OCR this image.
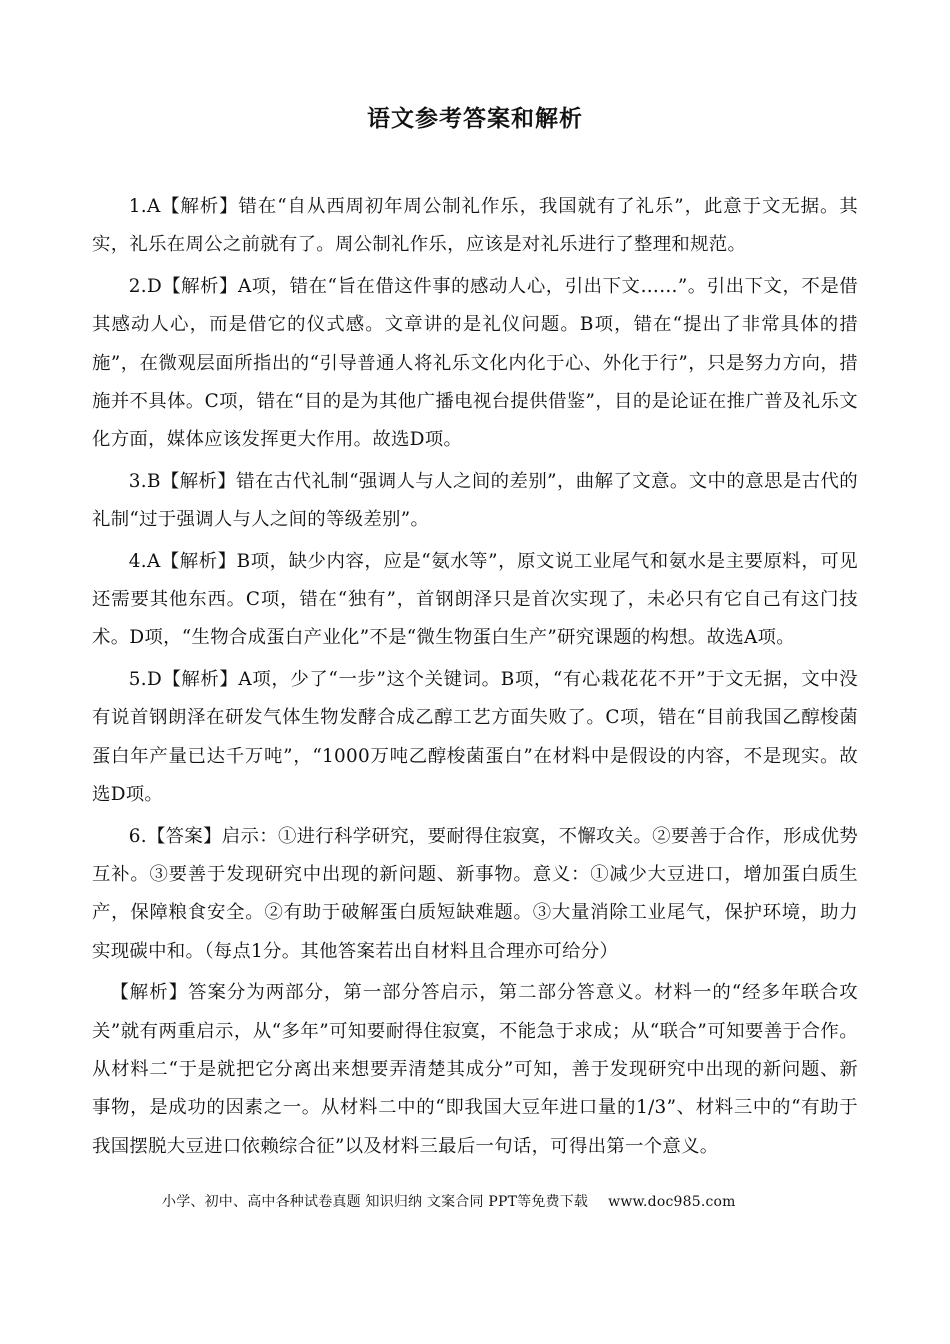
语文参考答案和解析

1.A【解析】错在“自从西周初年周公制礼作乐，我国就有了礼乐”，此意于文无据。其实，礼乐在周公之前就有了。周公制礼作乐，应该是对礼乐进行了整理和规范。

2.D【解析】A项，错在“旨在借这件事的感动人心，引出下文……”。引出下文，不是借其感动人心，而是借它的仪式感。文章讲的是礼仪问题。B项，错在“提出了非常具体的措施”，在微观层面所指出的“引导普通人将礼乐文化内化于心、外化于行”，只是努力方向，措施并不具体。C项，错在“目的是为其他广播电视台提供借鉴”，目的是论证在推广普及礼乐文化方面，媒体应该发挥更大作用。故选D项。

3.B【解析】错在古代礼制“强调人与人之间的差别”，曲解了文意。文中的意思是古代的礼制“过于强调人与人之间的等级差别”。

4.A【解析】B项，缺少内容，应是“氨水等”，原文说工业尾气和氨水是主要原料，可见还需要其他东西。C项，错在“独有”，首钢朗泽只是首次实现了，未必只有它自己有这门技术。D项，“生物合成蛋白产业化”不是“微生物蛋白生产”研究课题的构想。故选A项。

5.D【解析】A项，少了“一步”这个关键词。B项，“有心栽花花不开”于文无据，文中没有说首钢朗泽在研发气体生物发酵合成乙醇工艺方面失败了。C项，错在“目前我国乙醇梭菌蛋白年产量已达千万吨”，“1000万吨乙醇梭菌蛋白”在材料中是假设的内容，不是现实。故选D项。

6.【答案】启示：①进行科学研究，要耐得住寂寞，不懈攻关。②要善于合作，形成优势互补。③要善于发现研究中出现的新问题、新事物。意义：①减少大豆进口，增加蛋白质生产，保障粮食安全。②有助于破解蛋白质短缺难题。③大量消除工业尾气，保护环境，助力实现碳中和。（每点1分。其他答案若出自材料且合理亦可给分）

【解析】答案分为两部分，第一部分答启示，第二部分答意义。材料一的“经多年联合攻关”就有两重启示，从“多年”可知要耐得住寂寞，不能急于求成；从“联合”可知要善于合作。从材料二“于是就把它分离出来想要弄清楚其成分”可知，善于发现研究中出现的新问题、新事物，是成功的因素之一。从材料二中的“即我国大豆年进口量的1/3”、材料三中的“有助于我国摆脱大豆进口依赖综合征”以及材料三最后一句话，可得出第一个意义。

小学、初中、高中各种试卷真题 知识归纳 文案合同 PPT等免费下载 www.doc985.com
